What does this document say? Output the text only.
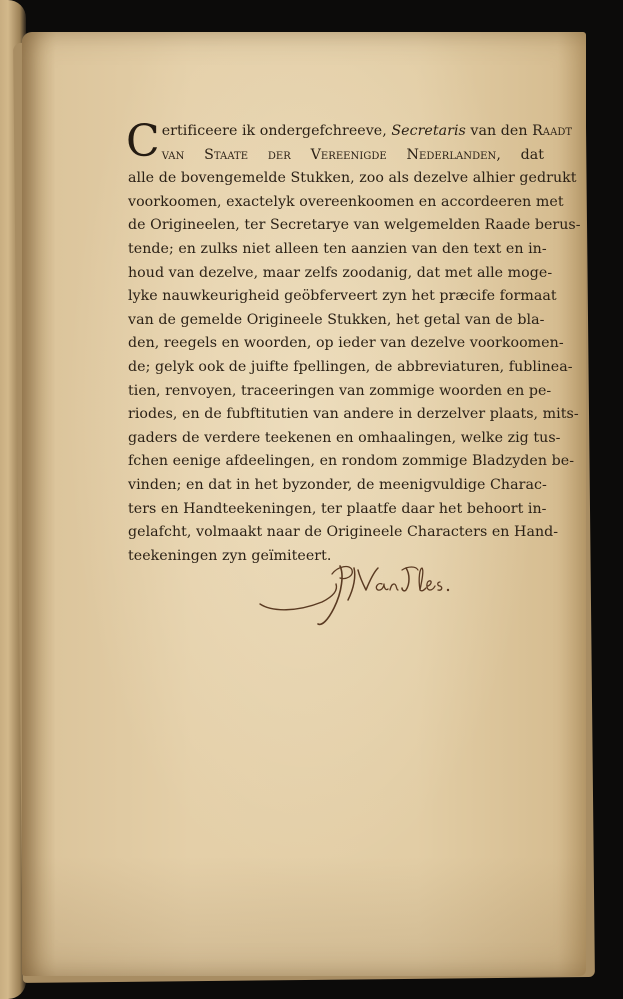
C ertificeere ik ondergefchreeve, Secretaris van den Raadt
van Staate der Vereenigde Nederlanden, dat
alle de bovengemelde Stukken, zoo als dezelve alhier gedrukt
voorkoomen, exactelyk overeenkoomen en accordeeren met
de Origineelen, ter Secretarye van welgemelden Raade berus-
tende; en zulks niet alleen ten aanzien van den text en in-
houd van dezelve, maar zelfs zoodanig, dat met alle moge-
lyke nauwkeurigheid geöbferveert zyn het præcife formaat
van de gemelde Origineele Stukken, het getal van de bla-
den, reegels en woorden, op ieder van dezelve voorkoomen-
de; gelyk ook de juifte fpellingen, de abbreviaturen, fublinea-
tien, renvoyen, traceeringen van zommige woorden en pe-
riodes, en de fubftitutien van andere in derzelver plaats, mits-
gaders de verdere teekenen en omhaalingen, welke zig tus-
fchen eenige afdeelingen, en rondom zommige Bladzyden be-
vinden; en dat in het byzonder, de meenigvuldige Charac-
ters en Handteekeningen, ter plaatfe daar het behoort in-
gelafcht, volmaakt naar de Origineele Characters en Hand-
teekeningen zyn geïmiteert.
J. Van Iles.
